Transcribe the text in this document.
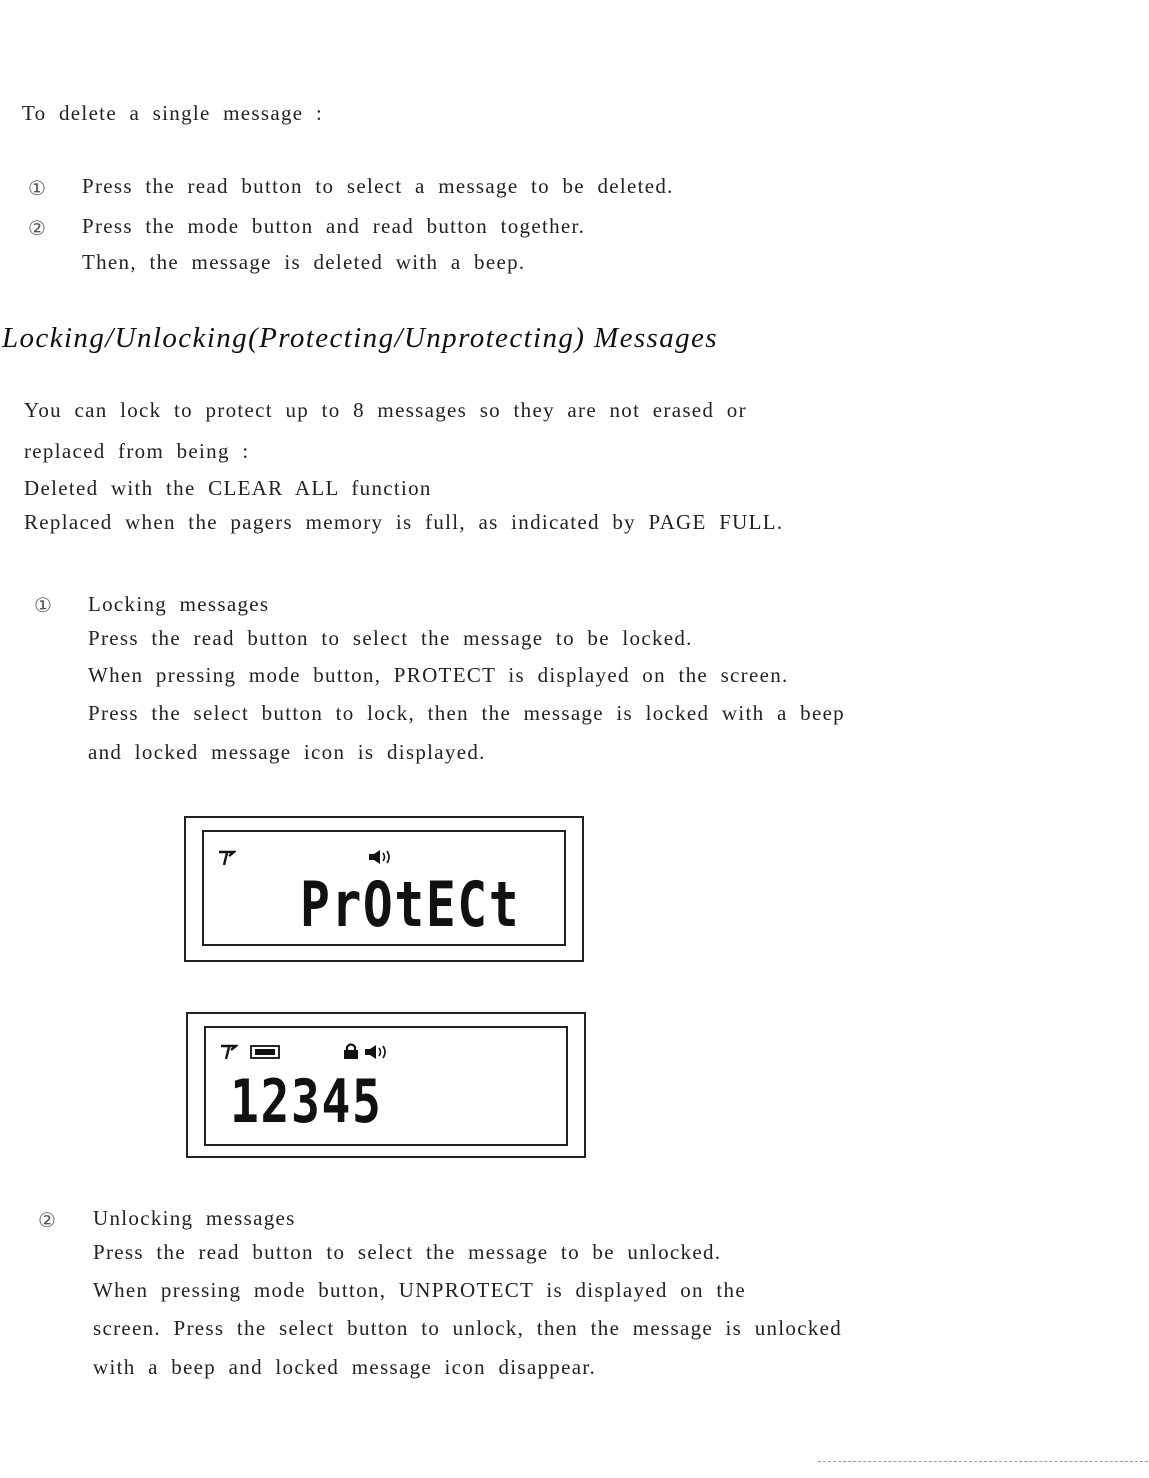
To delete a single message :
① Press the read button to select a message to be deleted.
② Press the mode button and read button together.
Then, the message is deleted with a beep.
Locking/Unlocking(Protecting/Unprotecting) Messages
You can lock to protect up to 8 messages so they are not erased or
replaced from being :
Deleted with the CLEAR ALL function
Replaced when the pagers memory is full, as indicated by PAGE FULL.
① Locking messages
Press the read button to select the message to be locked.
When pressing mode button, PROTECT is displayed on the screen.
Press the select button to lock, then the message is locked with a beep
and locked message icon is displayed.
PrOtECt
12345
② Unlocking messages
Press the read button to select the message to be unlocked.
When pressing mode button, UNPROTECT is displayed on the
screen. Press the select button to unlock, then the message is unlocked
with a beep and locked message icon disappear.
